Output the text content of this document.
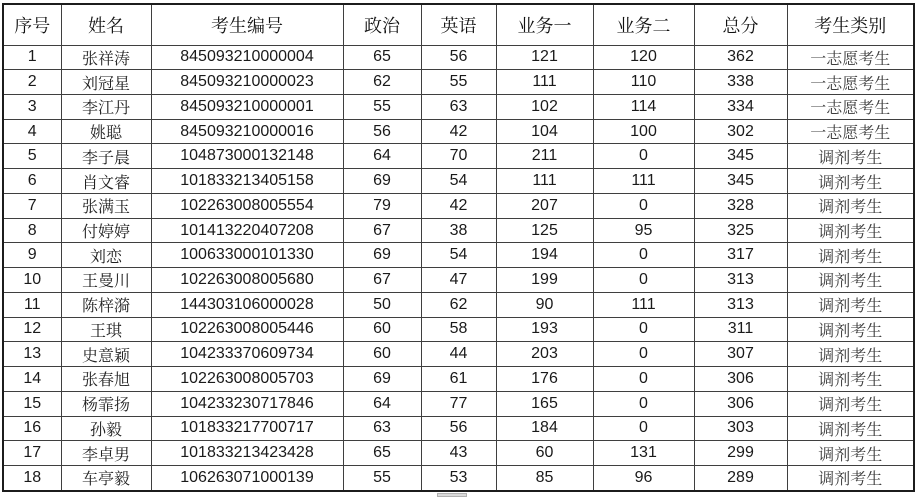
序号	姓名	考生编号	政治	英语	业务一	业务二	总分	考生类别
1	张祥涛	845093210000004	65	56	121	120	362	一志愿考生
2	刘冠星	845093210000023	62	55	111	110	338	一志愿考生
3	李江丹	845093210000001	55	63	102	114	334	一志愿考生
4	姚聪	845093210000016	56	42	104	100	302	一志愿考生
5	李子晨	104873000132148	64	70	211	0	345	调剂考生
6	肖文睿	101833213405158	69	54	111	111	345	调剂考生
7	张满玉	102263008005554	79	42	207	0	328	调剂考生
8	付婷婷	101413220407208	67	38	125	95	325	调剂考生
9	刘恋	100633000101330	69	54	194	0	317	调剂考生
10	王曼川	102263008005680	67	47	199	0	313	调剂考生
11	陈梓漪	144303106000028	50	62	90	111	313	调剂考生
12	王琪	102263008005446	60	58	193	0	311	调剂考生
13	史意颖	104233370609734	60	44	203	0	307	调剂考生
14	张春旭	102263008005703	69	61	176	0	306	调剂考生
15	杨霏扬	104233230717846	64	77	165	0	306	调剂考生
16	孙毅	101833217700717	63	56	184	0	303	调剂考生
17	李卓男	101833213423428	65	43	60	131	299	调剂考生
18	车亭毅	106263071000139	55	53	85	96	289	调剂考生
